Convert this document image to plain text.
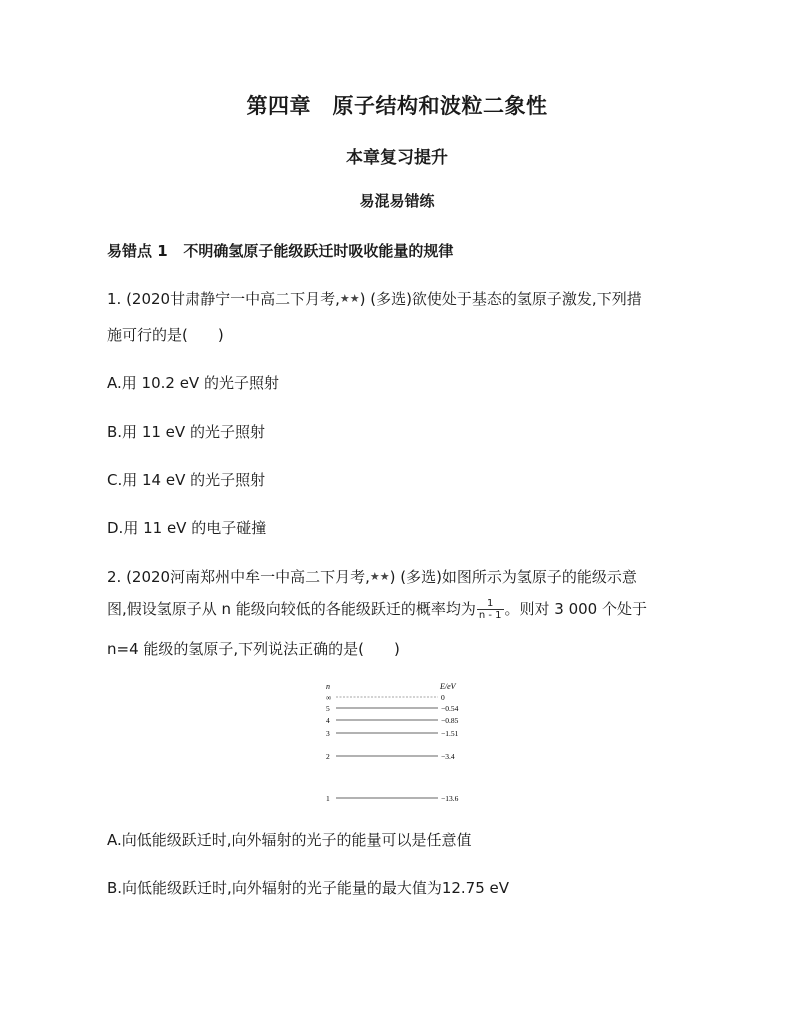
第四章　原子结构和波粒二象性
本章复习提升
易混易错练
易错点 1 不明确氢原子能级跃迁时吸收能量的规律
1. (2020甘肃静宁一中高二下月考,★★) (多选)欲使处于基态的氢原子激发,下列措
施可行的是(　　)
A.用 10.2 eV 的光子照射
B.用 11 eV 的光子照射
C.用 14 eV 的光子照射
D.用 11 eV 的电子碰撞
2. (2020河南郑州中牟一中高二下月考,★★) (多选)如图所示为氢原子的能级示意
图,假设氢原子从 n 能级向较低的各能级跃迁的概率均为 $\frac{1}{n - 1}$ 。则对 3 000 个处于
n=4 能级的氢原子,下列说法正确的是(　　)
n	E/eV
∞	0
5	−0.54
4	−0.85
3	−1.51
2	−3.4
1	−13.6
A.向低能级跃迁时,向外辐射的光子的能量可以是任意值
B.向低能级跃迁时,向外辐射的光子能量的最大值为12.75 eV
